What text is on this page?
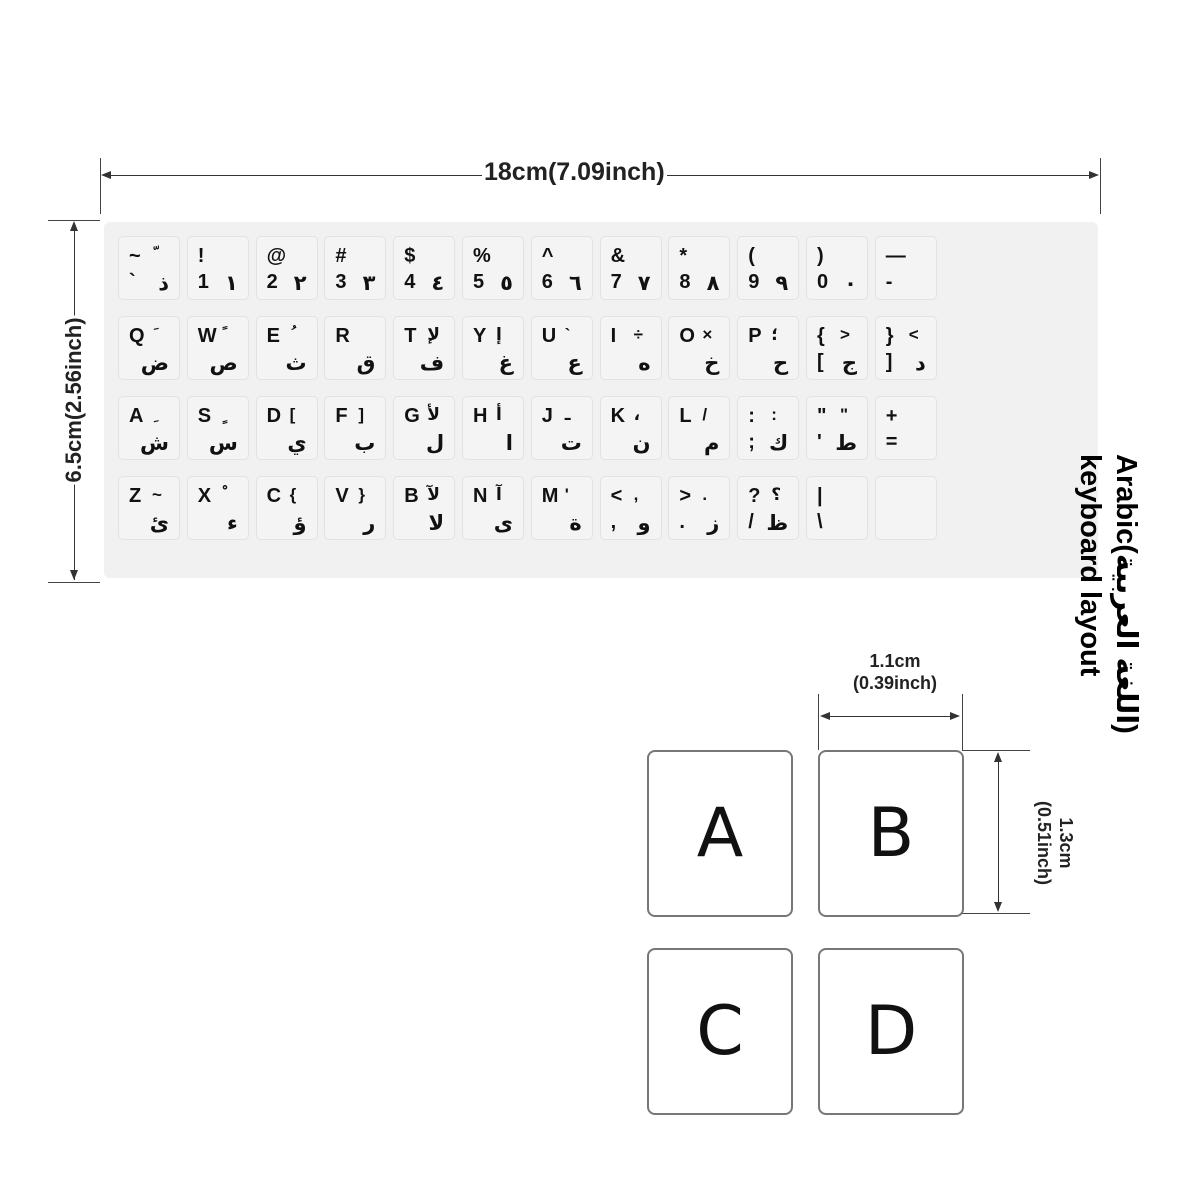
18cm(7.09inch)
6.5cm(2.56inch)
Arabic(اللغة العربية)
keyboard layout
~
` ذ
!
1 ١
@
2 ٢
#
3 ٣
$
4 ٤
%
5 ٥
^
6 ٦
&
7 ٧
*
8 ٨
(
9 ٩
)
0 ٠
—
-
Q
ض
W
ص
E
ث
R
ق
T لإ
ف
Y إ
غ
U `
ع
I ÷
ه
O ×
خ
P ؛
ح
{ >
[ ج
} <
] د
A
ش
S
س
D [
ي
F ]
ب
G لأ
ل
H أ
ا
J ـ
ت
K ،
ن
L /
م
: :
; ك
" "
' ط
+
=
Z ~
ئ
X
ء
C {
ؤ
V }
ر
B لآ
لا
N آ
ى
M '
ة
< ,
, و
> .
. ز
? ؟
/ ظ
|
\
1.1cm
(0.39inch)
1.3cm
(0.51inch)
A B
C D
